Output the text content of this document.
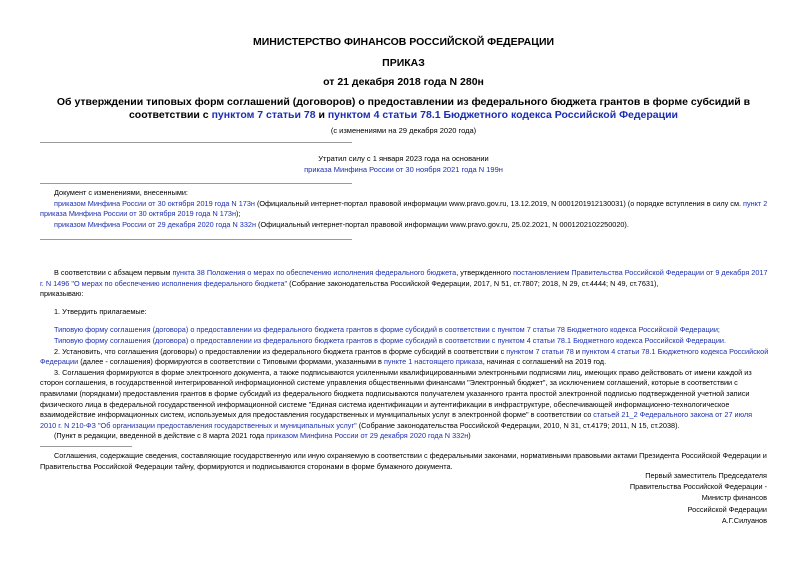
МИНИСТЕРСТВО ФИНАНСОВ РОССИЙСКОЙ ФЕДЕРАЦИИ
ПРИКАЗ
от 21 декабря 2018 года N 280н
Об утверждении типовых форм соглашений (договоров) о предоставлении из федерального бюджета грантов в форме субсидий в соответствии с пунктом 7 статьи 78 и пунктом 4 статьи 78.1 Бюджетного кодекса Российской Федерации
(с изменениями на 29 декабря 2020 года)
Утратил силу с 1 января 2023 года на основании
приказа Минфина России от 30 ноября 2021 года N 199н

Документ с изменениями, внесенными:

приказом Минфина России от 30 октября 2019 года N 173н (Официальный интернет-портал правовой информации www.pravo.gov.ru, 13.12.2019, N 0001201912130031) (о порядке вступления в силу см. пункт 2 приказа Минфина России от 30 октября 2019 года N 173н);

приказом Минфина России от 29 декабря 2020 года N 332н (Официальный интернет-портал правовой информации www.pravo.gov.ru, 25.02.2021, N 0001202102250020).

В соответствии с абзацем первым пункта 38 Положения о мерах по обеспечению исполнения федерального бюджета, утвержденного постановлением Правительства Российской Федерации от 9 декабря 2017 г. N 1496 "О мерах по обеспечению исполнения федерального бюджета" (Собрание законодательства Российской Федерации, 2017, N 51, ст.7807; 2018, N 29, ст.4444; N 49, ст.7631),

приказываю:

1. Утвердить прилагаемые:

Типовую форму соглашения (договора) о предоставлении из федерального бюджета грантов в форме субсидий в соответствии с пунктом 7 статьи 78 Бюджетного кодекса Российской Федерации;

Типовую форму соглашения (договора) о предоставлении из федерального бюджета грантов в форме субсидий в соответствии с пунктом 4 статьи 78.1 Бюджетного кодекса Российской Федерации.

2. Установить, что соглашения (договоры) о предоставлении из федерального бюджета грантов в форме субсидий в соответствии с пунктом 7 статьи 78 и пунктом 4 статьи 78.1 Бюджетного кодекса Российской Федерации (далее - соглашения) формируются в соответствии с Типовыми формами, указанными в пункте 1 настоящего приказа, начиная с соглашений на 2019 год.

3. Соглашения формируются в форме электронного документа, а также подписываются усиленными квалифицированными электронными подписями лиц, имеющих право действовать от имени каждой из сторон соглашения, в государственной интегрированной информационной системе управления общественными финансами "Электронный бюджет", за исключением соглашений, которые в соответствии с правилами (порядками) предоставления грантов в форме субсидий из федерального бюджета подписываются получателем указанного гранта простой электронной подписью подтвержденной учетной записи физического лица в федеральной государственной информационной системе "Единая система идентификации и аутентификации в инфраструктуре, обеспечивающей информационно-технологическое взаимодействие информационных систем, используемых для предоставления государственных и муниципальных услуг в электронной форме" в соответствии со статьей 21_2 Федерального закона от 27 июля 2010 г. N 210-ФЗ "Об организации предоставления государственных и муниципальных услуг" (Собрание законодательства Российской Федерации, 2010, N 31, ст.4179; 2011, N 15, ст.2038).

(Пункт в редакции, введенной в действие с 8 марта 2021 года приказом Минфина России от 29 декабря 2020 года N 332н)

Соглашения, содержащие сведения, составляющие государственную или иную охраняемую в соответствии с федеральными законами, нормативными правовыми актами Президента Российской Федерации и Правительства Российской Федерации тайну, формируются и подписываются сторонами в форме бумажного документа.

Первый заместитель Председателя
Правительства Российской Федерации -
Министр финансов
Российской Федерации
А.Г.Силуанов
